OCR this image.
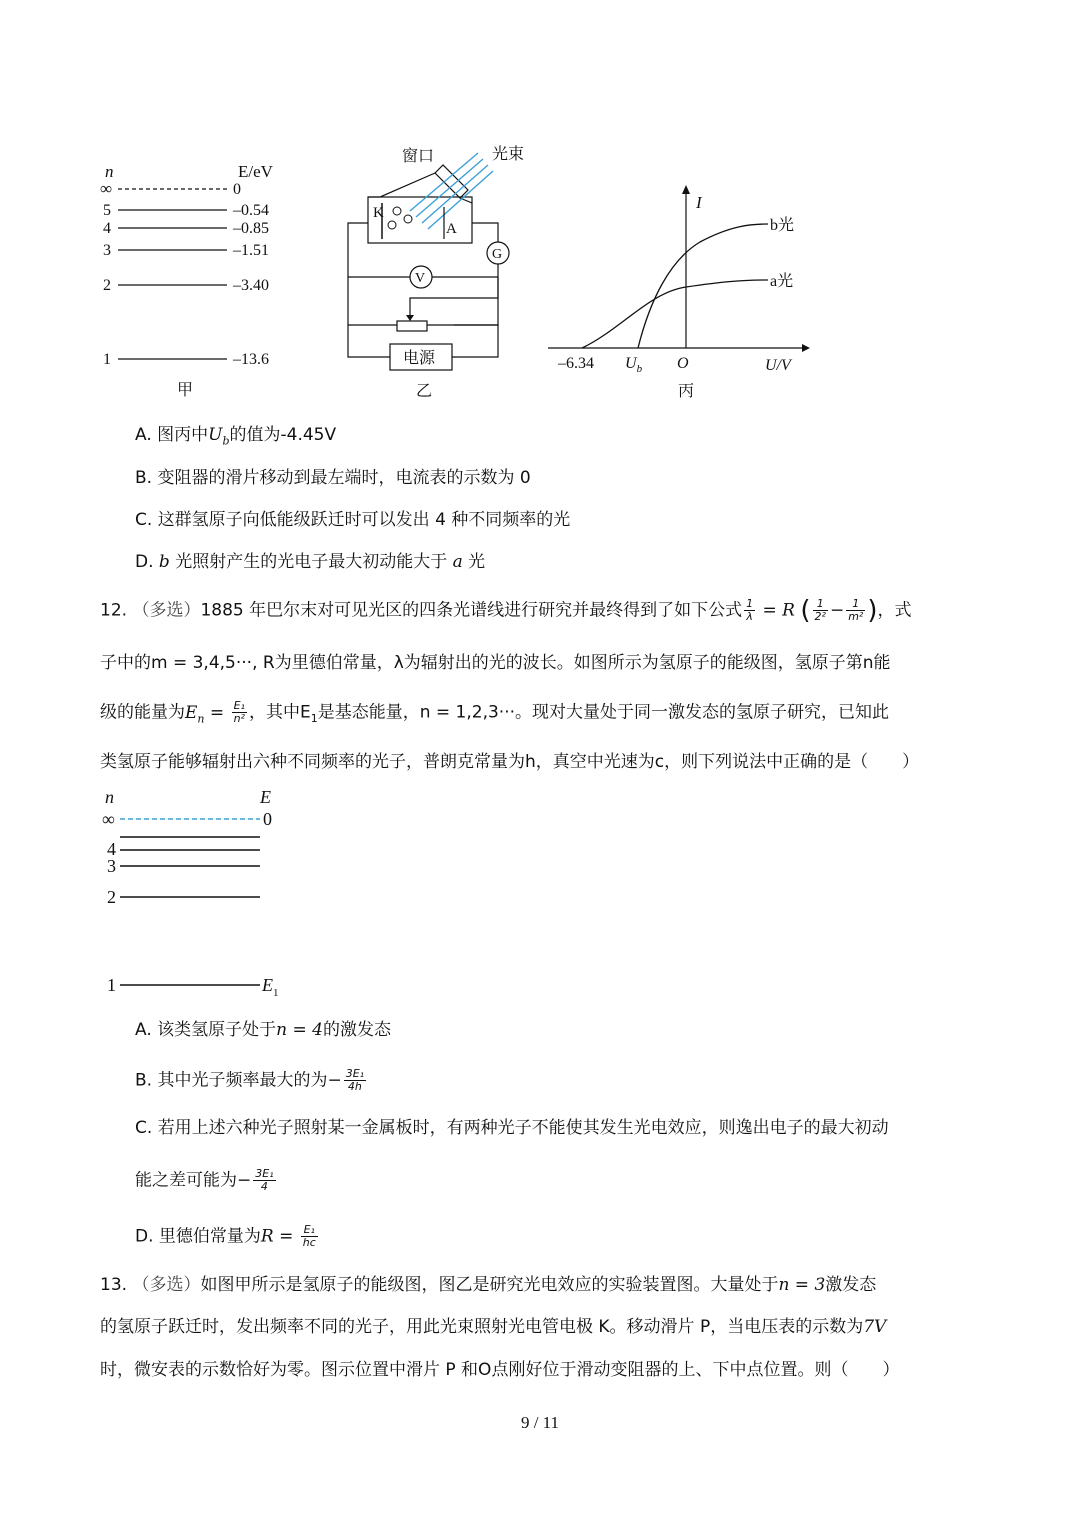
n	E/eV
∞	0
5	–0.54
4	–0.85
3	–1.51
2	–3.40
1	–13.6
甲
窗口	光束
K
A
G
V
电源
乙
I
b光
a光
–6.34 $U_b$ O	U/V
丙
A. 图丙中$U_b$的值为-4.45V
B. 变阻器的滑片移动到最左端时，电流表的示数为 0
C. 这群氢原子向低能级跃迁时可以发出 4 种不同频率的光
D. b 光照射产生的光电子最大初动能大于 a 光
12. （多选）1885 年巴尔末对可见光区的四条光谱线进行研究并最终得到了如下公式 $\frac{1}{\lambda} = R$ ( $\frac{1}{\text{2²}} - \frac{1}{\text{m²}}$ )，式
子中的m = 3,4,5···, R为里德伯常量，λ为辐射出的光的波长。如图所示为氢原子的能级图，氢原子第n能
级的能量为$E_n = \frac{\text{E₁}}{\text{n²}}$ ，其中$E_1$是基态能量，n = 1,2,3···。现对大量处于同一激发态的氢原子研究，已知此
类氢原子能够辐射出六种不同频率的光子，普朗克常量为h，真空中光速为c，则下列说法中正确的是（　　）
n	E
∞	0
4
3
2
1	$E_1$
A. 该类氢原子处于n = 4的激发态
B. 其中光子频率最大的为− $\frac{\text{3E₁}}{4h}$
C. 若用上述六种光子照射某一金属板时，有两种光子不能使其发生光电效应，则逸出电子的最大初动
能之差可能为− $\frac{\text{3E₁}}{4}$
D. 里德伯常量为$R = \frac{\text{E₁}}{hc}$
13. （多选）如图甲所示是氢原子的能级图，图乙是研究光电效应的实验装置图。大量处于n = 3激发态
的氢原子跃迁时，发出频率不同的光子，用此光束照射光电管电极 K。移动滑片 P，当电压表的示数为7V
时，微安表的示数恰好为零。图示位置中滑片 P 和O点刚好位于滑动变阻器的上、下中点位置。则（　　）
9 / 11
